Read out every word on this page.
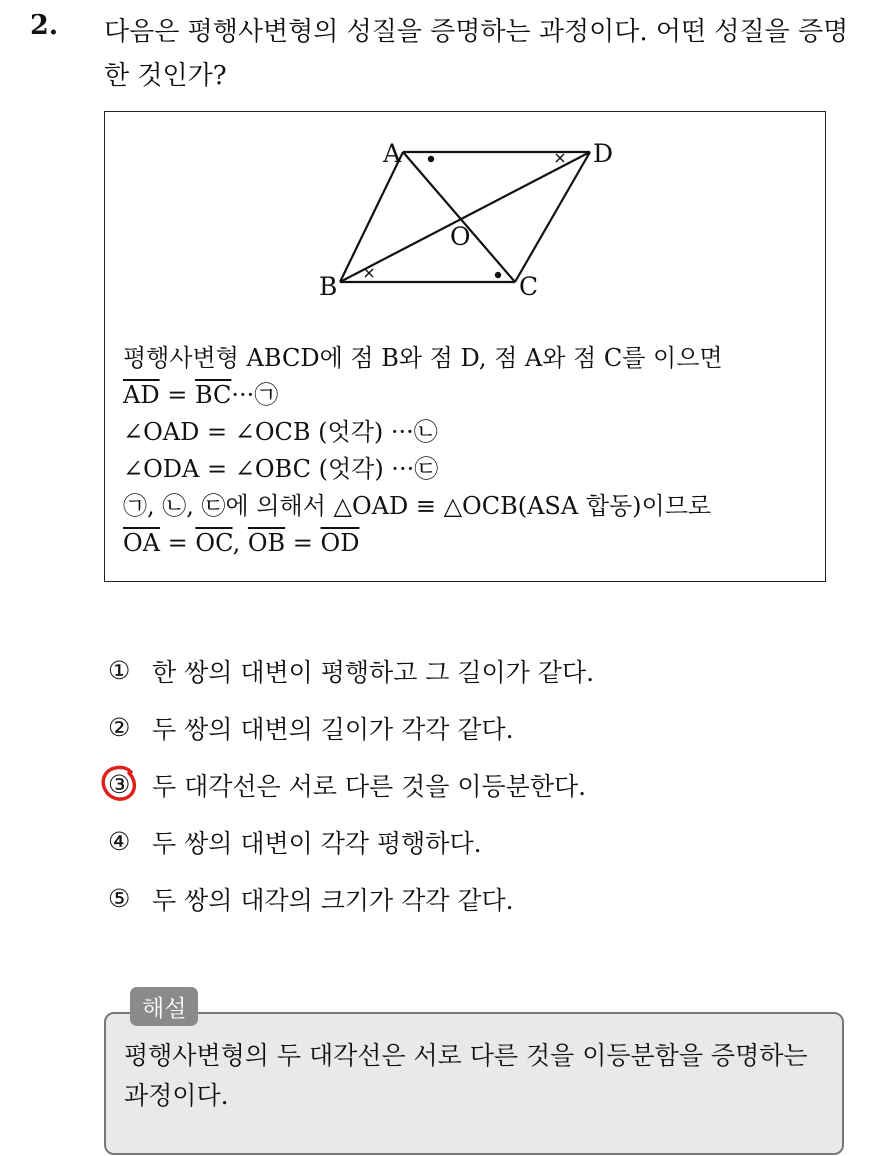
2. 다음은 평행사변형의 성질을 증명하는 과정이다. 어떤 성질을 증명한 것인가?
A	D
O
B	C
평행사변형 ABCD에 점 B와 점 D, 점 A와 점 C를 이으면
$\overline{AD}$ = $\overline{BC}\cdot\cdot\cdot㉠$
∠OAD = ∠OCB (엇각) ···㉡
∠ODA = ∠OBC (엇각) ···㉢
㉠, ㉡, ㉢에 의해서 △OAD ≡ △OCB(ASA 합동)이므로
$\overline{OA} = \overline{OC}$, $\overline{OB} = \overline{OD}$
① 한 쌍의 대변이 평행하고 그 길이가 같다.
② 두 쌍의 대변의 길이가 각각 같다.
③ 두 대각선은 서로 다른 것을 이등분한다.
④ 두 쌍의 대변이 각각 평행하다.
⑤ 두 쌍의 대각의 크기가 각각 같다.
평행사변형의 두 대각선은 서로 다른 것을 이등분함을 증명하는 과정이다.
해설
